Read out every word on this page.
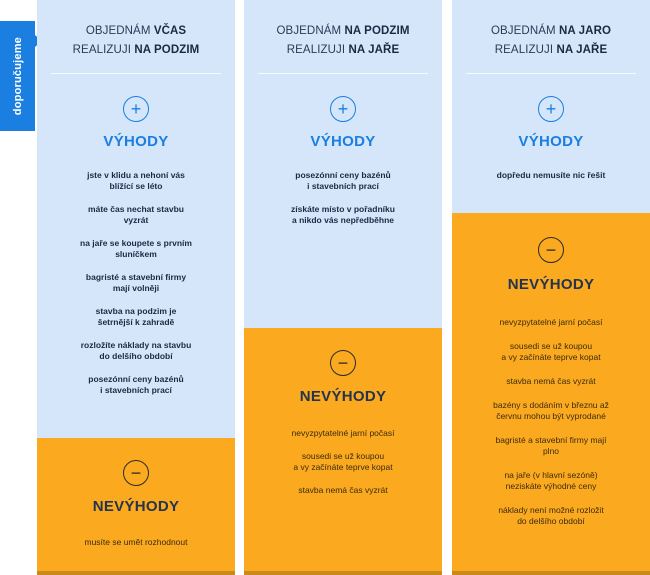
doporučujeme
OBJEDNÁM VČAS
REALIZUJI NA PODZIM
+
VÝHODY
jste v klidu a nehoní vás
blížící se léto
máte čas nechat stavbu
vyzrát
na jaře se koupete s prvním
sluníčkem
bagristé a stavební firmy
mají volněji
stavba na podzim je
šetrnější k zahradě
rozložíte náklady na stavbu
do delšího období
posezónní ceny bazénů
i stavebních prací
−
NEVÝHODY
musíte se umět rozhodnout
OBJEDNÁM NA PODZIM
REALIZUJI NA JAŘE
+
VÝHODY
posezónní ceny bazénů
i stavebních prací
získáte místo v pořadníku
a nikdo vás nepředběhne
−
NEVÝHODY
nevyzpytatelné jarní počasí
sousedi se už koupou
a vy začínáte teprve kopat
stavba nemá čas vyzrát
OBJEDNÁM NA JARO
REALIZUJI NA JAŘE
+
VÝHODY
dopředu nemusíte nic řešit
−
NEVÝHODY
nevyzpytatelné jarní počasí
sousedi se už koupou
a vy začínáte teprve kopat
stavba nemá čas vyzrát
bazény s dodáním v březnu až
červnu mohou být vyprodané
bagristé a stavební firmy mají
plno
na jaře (v hlavní sezóně)
neziskáte výhodné ceny
náklady není možné rozložit
do delšího období
